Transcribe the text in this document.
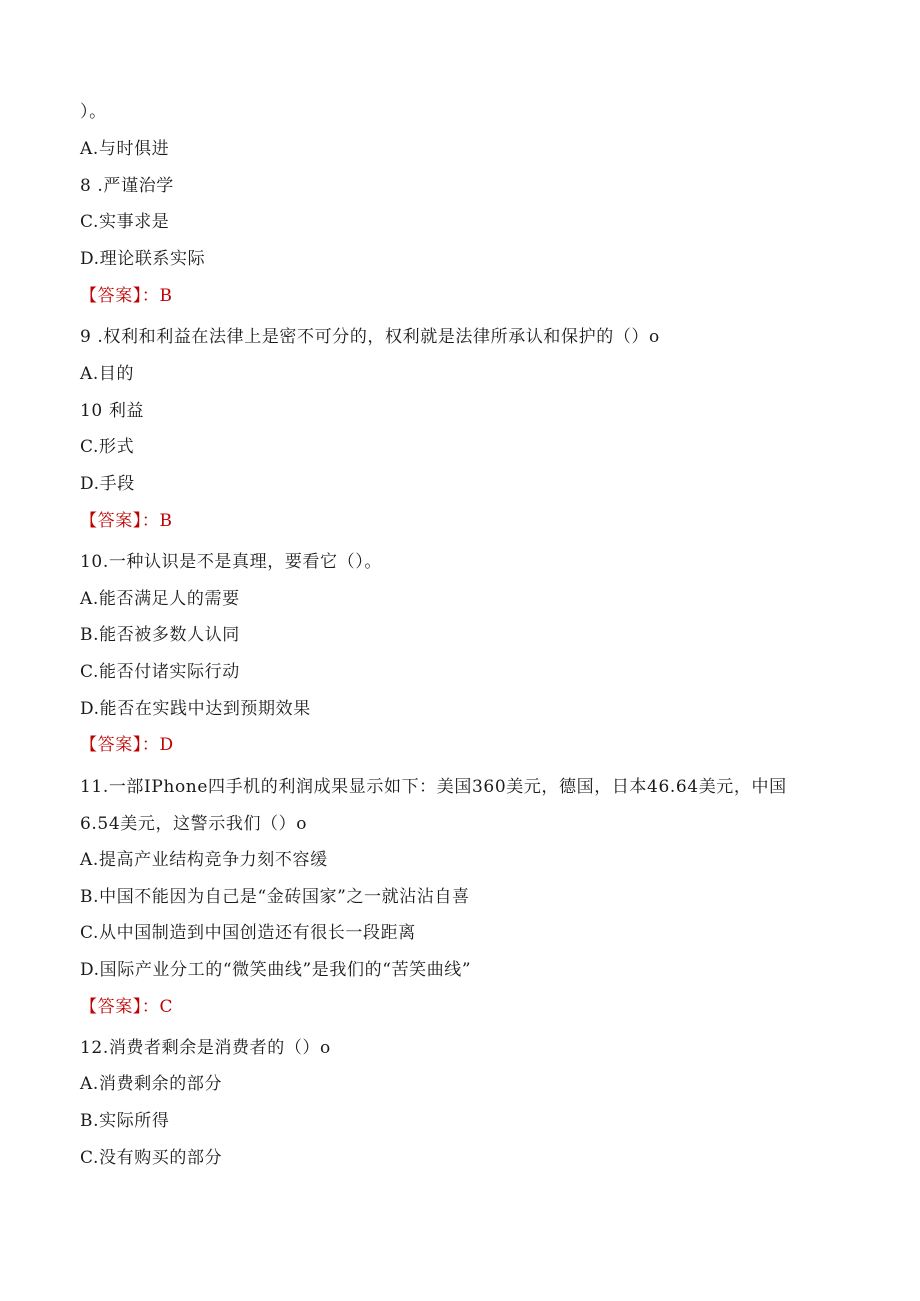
）。
A.与时俱进
8 .严谨治学
C.实事求是
D.理论联系实际
【答案】：B
9 .权利和利益在法律上是密不可分的，权利就是法律所承认和保护的（）o
A.目的
10 利益
C.形式
D.手段
【答案】：B
10.一种认识是不是真理，要看它（）。
A.能否满足人的需要
B.能否被多数人认同
C.能否付诸实际行动
D.能否在实践中达到预期效果
【答案】：D
11.一部IPhone四手机的利润成果显示如下：美国360美元，德国，日本46.64美元，中国
6.54美元，这警示我们（）o
A.提高产业结构竞争力刻不容缓
B.中国不能因为自己是“金砖国家”之一就沾沾自喜
C.从中国制造到中国创造还有很长一段距离
D.国际产业分工的“微笑曲线”是我们的“苦笑曲线”
【答案】：C
12.消费者剩余是消费者的（）o
A.消费剩余的部分
B.实际所得
C.没有购买的部分
